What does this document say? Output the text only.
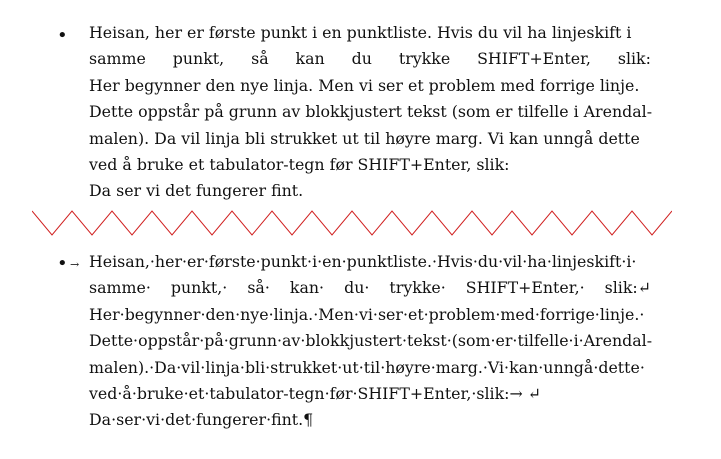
• Heisan, her er første punkt i en punktliste. Hvis du vil ha linjeskift i
samme punkt, så kan du trykke SHIFT+Enter, slik:
Her begynner den nye linja. Men vi ser et problem med forrige linje.
Dette oppstår på grunn av blokkjustert tekst (som er tilfelle i Arendal-
malen). Da vil linja bli strukket ut til høyre marg. Vi kan unngå dette
ved å bruke et tabulator-tegn før SHIFT+Enter, slik:
Da ser vi det fungerer fint.
• → Heisan,·her·er·første·punkt·i·en·punktliste.·Hvis·du·vil·ha·linjeskift·i·
samme· punkt,· så· kan· du· trykke· SHIFT+Enter,· slik:↵
Her·begynner·den·nye·linja.·Men·vi·ser·et·problem·med·forrige·linje.·
Dette·oppstår·på·grunn·av·blokkjustert·tekst·(som·er·tilfelle·i·Arendal-
malen).·Da·vil·linja·bli·strukket·ut·til·høyre·marg.·Vi·kan·unngå·dette·
ved·å·bruke·et·tabulator-tegn·før·SHIFT+Enter,·slik:→ ↵
Da·ser·vi·det·fungerer·fint.¶
